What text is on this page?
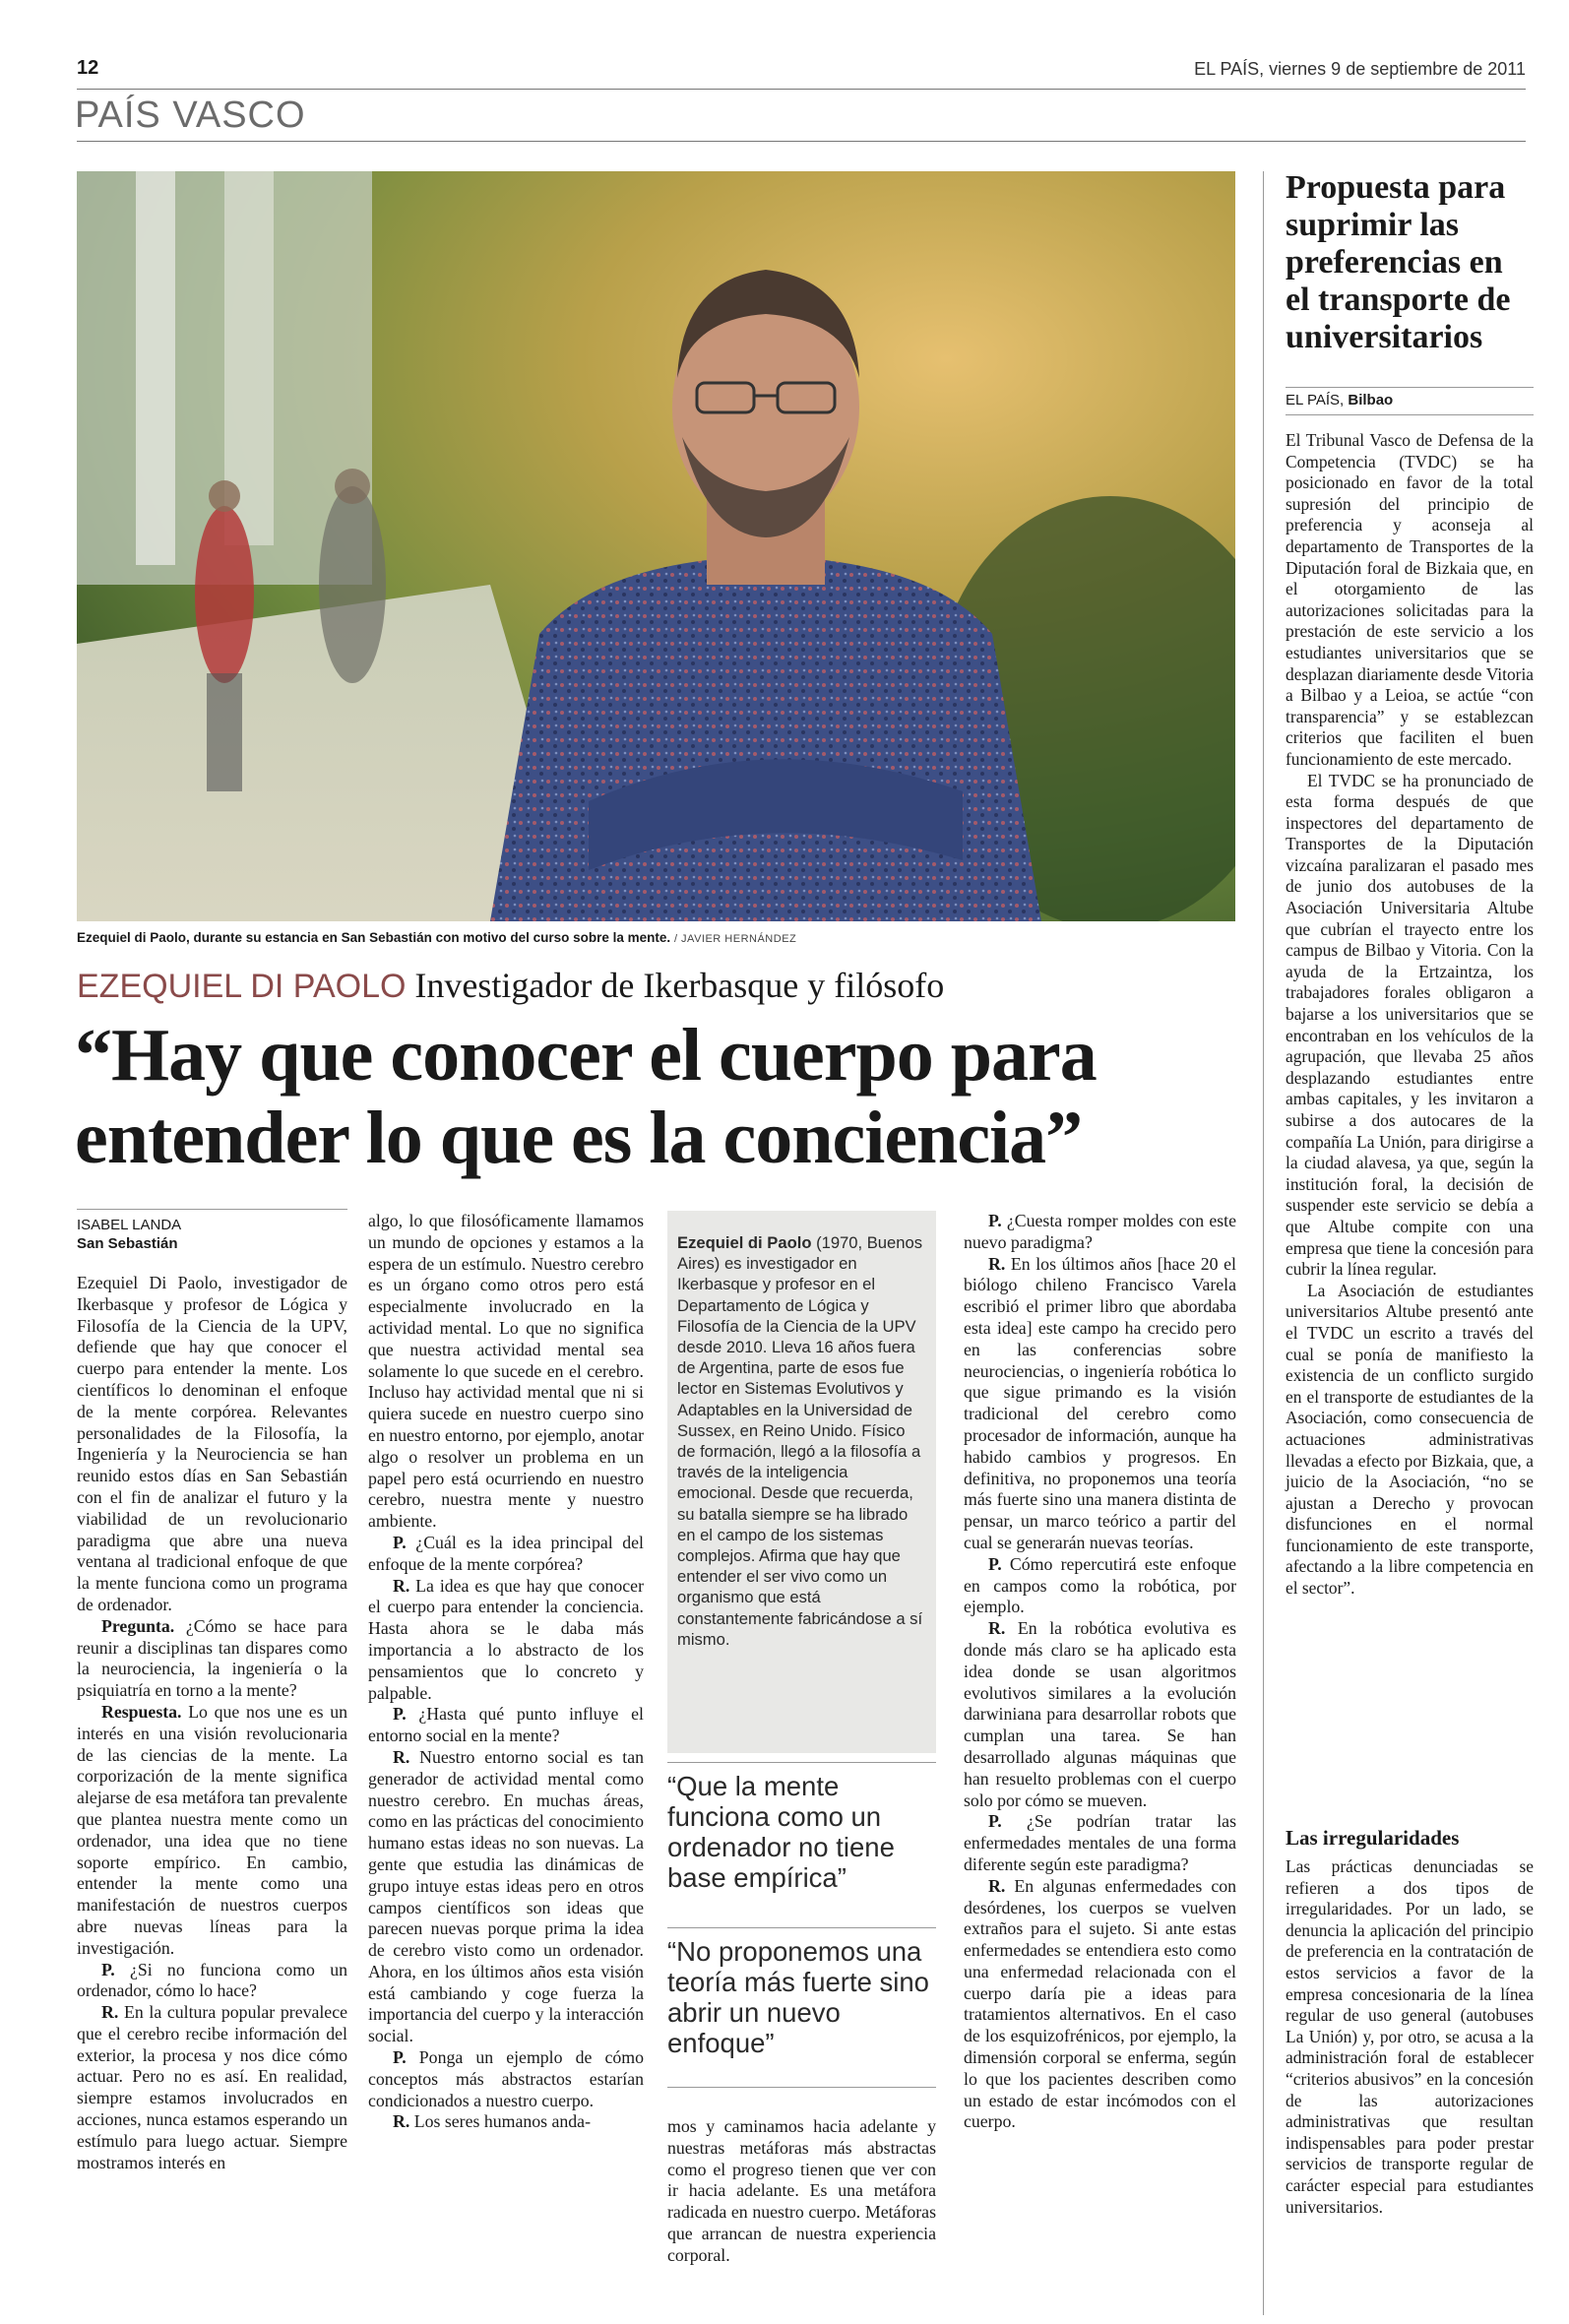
12	EL PAÍS, viernes 9 de septiembre de 2011
PAÍS VASCO
Ezequiel di Paolo, durante su estancia en San Sebastián con motivo del curso sobre la mente. / JAVIER HERNÁNDEZ
EZEQUIEL DI PAOLO Investigador de Ikerbasque y filósofo
“Hay que conocer el cuerpo para entender lo que es la conciencia”
ISABEL LANDA
San Sebastián

Ezequiel Di Paolo, investigador de Ikerbasque y profesor de Lógica y Filosofía de la Ciencia de la UPV, defiende que hay que conocer el cuerpo para entender la mente. Los científicos lo denominan el enfoque de la mente corpórea. Relevantes personalidades de la Filosofía, la Ingeniería y la Neurociencia se han reunido estos días en San Sebastián con el fin de analizar el futuro y la viabilidad de un revolucionario paradigma que abre una nueva ventana al tradicional enfoque de que la mente funciona como un programa de ordenador.

Pregunta. ¿Cómo se hace para reunir a disciplinas tan dispares como la neurociencia, la ingeniería o la psiquiatría en torno a la mente?

Respuesta. Lo que nos une es un interés en una visión revolucionaria de las ciencias de la mente. La corporización de la mente significa alejarse de esa metáfora tan prevalente que plantea nuestra mente como un ordenador, una idea que no tiene soporte empírico. En cambio, entender la mente como una manifestación de nuestros cuerpos abre nuevas líneas para la investigación.

P. ¿Si no funciona como un ordenador, cómo lo hace?

R. En la cultura popular prevalece que el cerebro recibe información del exterior, la procesa y nos dice cómo actuar. Pero no es así. En realidad, siempre estamos involucrados en acciones, nunca estamos esperando un estímulo para luego actuar. Siempre mostramos interés en

algo, lo que filosóficamente llamamos un mundo de opciones y estamos a la espera de un estímulo. Nuestro cerebro es un órgano como otros pero está especialmente involucrado en la actividad mental. Lo que no significa que nuestra actividad mental sea solamente lo que sucede en el cerebro. Incluso hay actividad mental que ni si quiera sucede en nuestro cuerpo sino en nuestro entorno, por ejemplo, anotar algo o resolver un problema en un papel pero está ocurriendo en nuestro cerebro, nuestra mente y nuestro ambiente.

P. ¿Cuál es la idea principal del enfoque de la mente corpórea?

R. La idea es que hay que conocer el cuerpo para entender la conciencia. Hasta ahora se le daba más importancia a lo abstracto de los pensamientos que lo concreto y palpable.

P. ¿Hasta qué punto influye el entorno social en la mente?

R. Nuestro entorno social es tan generador de actividad mental como nuestro cerebro. En muchas áreas, como en las prácticas del conocimiento humano estas ideas no son nuevas. La gente que estudia las dinámicas de grupo intuye estas ideas pero en otros campos científicos son ideas que parecen nuevas porque prima la idea de cerebro visto como un ordenador. Ahora, en los últimos años esta visión está cambiando y coge fuerza la importancia del cuerpo y la interacción social.

P. Ponga un ejemplo de cómo conceptos más abstractos estarían condicionados a nuestro cuerpo.

R. Los seres humanos anda-

Ezequiel di Paolo (1970, Buenos Aires) es investigador en Ikerbasque y profesor en el Departamento de Lógica y Filosofía de la Ciencia de la UPV desde 2010. Lleva 16 años fuera de Argentina, parte de esos fue lector en Sistemas Evolutivos y Adaptables en la Universidad de Sussex, en Reino Unido. Físico de formación, llegó a la filosofía a través de la inteligencia emocional. Desde que recuerda, su batalla siempre se ha librado en el campo de los sistemas complejos. Afirma que hay que entender el ser vivo como un organismo que está constantemente fabricándose a sí mismo.
“Que la mente funciona como un ordenador no tiene base empírica”
“No proponemos una teoría más fuerte sino abrir un nuevo enfoque”

mos y caminamos hacia adelante y nuestras metáforas más abstractas como el progreso tienen que ver con ir hacia adelante. Es una metáfora radicada en nuestro cuerpo. Metáforas que arrancan de nuestra experiencia corporal.

P. ¿Cuesta romper moldes con este nuevo paradigma?

R. En los últimos años [hace 20 el biólogo chileno Francisco Varela escribió el primer libro que abordaba esta idea] este campo ha crecido pero en las conferencias sobre neurociencias, o ingeniería robótica lo que sigue primando es la visión tradicional del cerebro como procesador de información, aunque ha habido cambios y progresos. En definitiva, no proponemos una teoría más fuerte sino una manera distinta de pensar, un marco teórico a partir del cual se generarán nuevas teorías.

P. Cómo repercutirá este enfoque en campos como la robótica, por ejemplo.

R. En la robótica evolutiva es donde más claro se ha aplicado esta idea donde se usan algoritmos evolutivos similares a la evolución darwiniana para desarrollar robots que cumplan una tarea. Se han desarrollado algunas máquinas que han resuelto problemas con el cuerpo solo por cómo se mueven.

P. ¿Se podrían tratar las enfermedades mentales de una forma diferente según este paradigma?

R. En algunas enfermedades con desórdenes, los cuerpos se vuelven extraños para el sujeto. Si ante estas enfermedades se entendiera esto como una enfermedad relacionada con el cuerpo daría pie a ideas para tratamientos alternativos. En el caso de los esquizofrénicos, por ejemplo, la dimensión corporal se enferma, según lo que los pacientes describen como un estado de estar incómodos con el cuerpo.

Propuesta para suprimir las preferencias en el transporte de universitarios
EL PAÍS, Bilbao

El Tribunal Vasco de Defensa de la Competencia (TVDC) se ha posicionado en favor de la total supresión del principio de preferencia y aconseja al departamento de Transportes de la Diputación foral de Bizkaia que, en el otorgamiento de las autorizaciones solicitadas para la prestación de este servicio a los estudiantes universitarios que se desplazan diariamente desde Vitoria a Bilbao y a Leioa, se actúe “con transparencia” y se establezcan criterios que faciliten el buen funcionamiento de este mercado.

El TVDC se ha pronunciado de esta forma después de que inspectores del departamento de Transportes de la Diputación vizcaína paralizaran el pasado mes de junio dos autobuses de la Asociación Universitaria Altube que cubrían el trayecto entre los campus de Bilbao y Vitoria. Con la ayuda de la Ertzaintza, los trabajadores forales obligaron a bajarse a los universitarios que se encontraban en los vehículos de la agrupación, que llevaba 25 años desplazando estudiantes entre ambas capitales, y les invitaron a subirse a dos autocares de la compañía La Unión, para dirigirse a la ciudad alavesa, ya que, según la institución foral, la decisión de suspender este servicio se debía a que Altube compite con una empresa que tiene la concesión para cubrir la línea regular.

La Asociación de estudiantes universitarios Altube presentó ante el TVDC un escrito a través del cual se ponía de manifiesto la existencia de un conflicto surgido en el transporte de estudiantes de la Asociación, como consecuencia de actuaciones administrativas llevadas a efecto por Bizkaia, que, a juicio de la Asociación, “no se ajustan a Derecho y provocan disfunciones en el normal funcionamiento de este transporte, afectando a la libre competencia en el sector”.

Las irregularidades
Las prácticas denunciadas se refieren a dos tipos de irregularidades. Por un lado, se denuncia la aplicación del principio de preferencia en la contratación de estos servicios a favor de la empresa concesionaria de la línea regular de uso general (autobuses La Unión) y, por otro, se acusa a la administración foral de establecer “criterios abusivos” en la concesión de las autorizaciones administrativas que resultan indispensables para poder prestar servicios de transporte regular de carácter especial para estudiantes universitarios.
